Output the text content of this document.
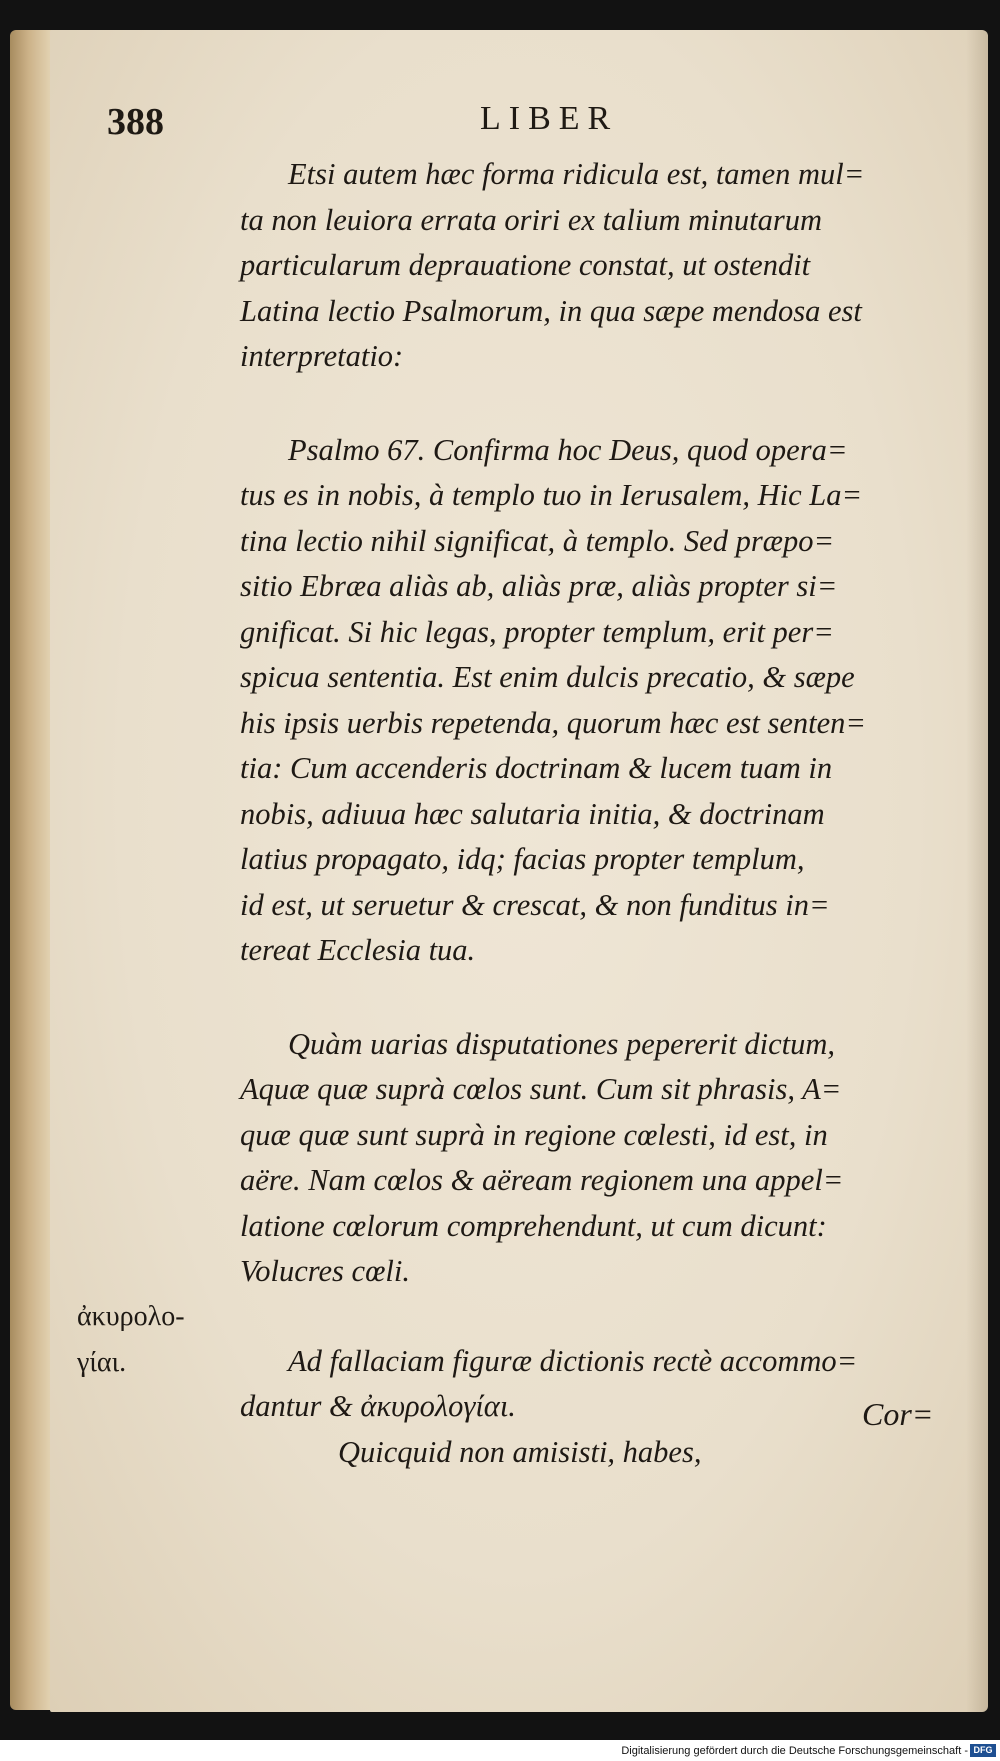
388	LIBER
Etsi autem hæc forma ridicula est, tamen mul=
ta non leuiora errata oriri ex talium minutarum
particularum deprauatione constat, ut ostendit
Latina lectio Psalmorum, in qua sæpe mendosa est
interpretatio:
Psalmo 67. Confirma hoc Deus, quod opera=
tus es in nobis, à templo tuo in Ierusalem, Hic La=
tina lectio nihil significat, à templo. Sed præpo=
sitio Ebræa aliàs ab, aliàs præ, aliàs propter si=
gnificat. Si hic legas, propter templum, erit per=
spicua sententia. Est enim dulcis precatio, & sæpe
his ipsis uerbis repetenda, quorum hæc est senten=
tia: Cum accenderis doctrinam & lucem tuam in
nobis, adiuua hæc salutaria initia, & doctrinam
latius propagato, idq; facias propter templum,
id est, ut seruetur & crescat, & non funditus in=
tereat Ecclesia tua.
Quàm uarias disputationes pepererit dictum,
Aquæ quæ suprà cœlos sunt. Cum sit phrasis, A=
quæ quæ sunt suprà in regione cœlesti, id est, in
aëre. Nam cœlos & aëream regionem una appel=
latione cœlorum comprehendunt, ut cum dicunt:
Volucres cœli.
Ad fallaciam figuræ dictionis rectè accommo=
dantur & ἀκυρολογίαι.
Quicquid non amisisti, habes,
ἀκυρολο-
γίαι.
Cor=
Digitalisierung gefördert durch die Deutsche Forschungsgemeinschaft - DFG
